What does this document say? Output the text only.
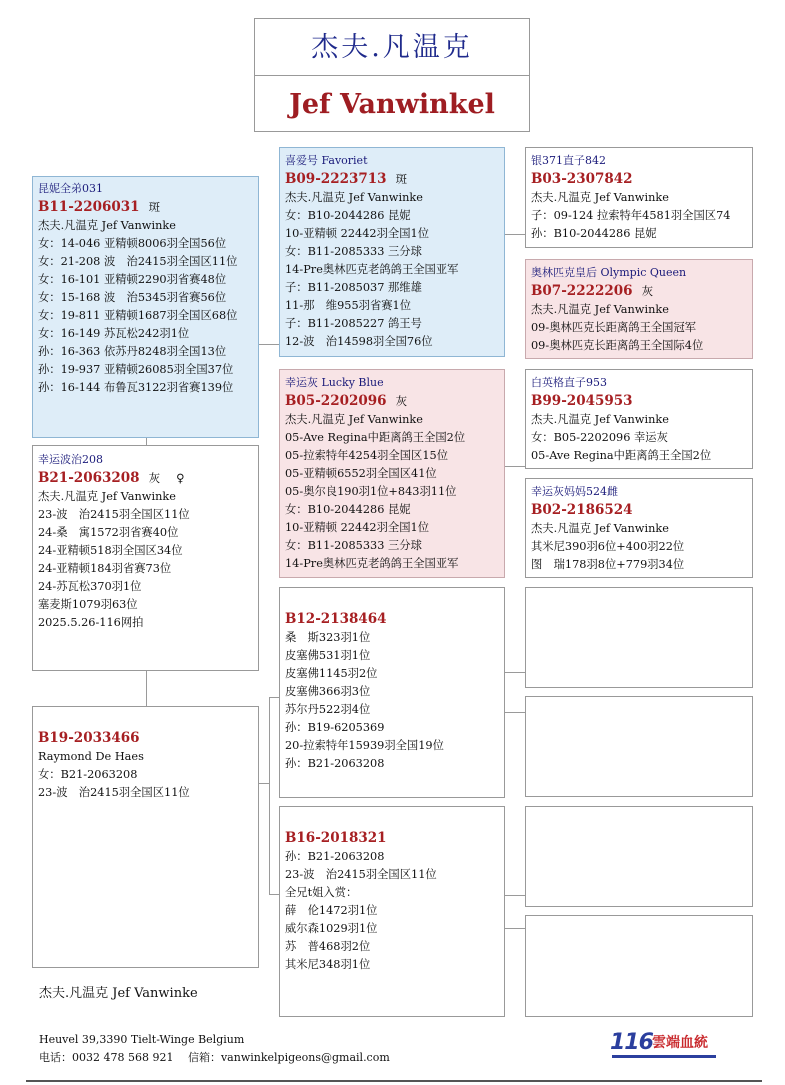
杰夫.凡温克
Jef Vanwinkel
昆妮全弟031
B11-2206031 斑
杰夫.凡温克 Jef Vanwinke
女：14-046 亚精顿8006羽全国56位
女：21-208 波　治2415羽全国区11位
女：16-101 亚精顿2290羽省赛48位
女：15-168 波　治5345羽省赛56位
女：19-811 亚精顿1687羽全国区68位
女：16-149 苏瓦松242羽1位
孙：16-363 依苏丹8248羽全国13位
孙：19-937 亚精顿26085羽全国37位
孙：16-144 布鲁瓦3122羽省赛139位
幸运波治208
B21-2063208 灰 ♀
杰夫.凡温克 Jef Vanwinke
23-波　治2415羽全国区11位
24-桑　寓1572羽省赛40位
24-亚精顿518羽全国区34位
24-亚精顿184羽省赛73位
24-苏瓦松370羽1位
塞麦斯1079羽63位
2025.5.26-116网拍
B19-2033466
Raymond De Haes
女：B21-2063208
23-波　治2415羽全国区11位
喜爱号 Favoriet
B09-2223713 斑
杰夫.凡温克 Jef Vanwinke
女：B10-2044286 昆妮
10-亚精顿 22442羽全国1位
女：B11-2085333 三分球
14-Pre奥林匹克老鸽鸽王全国亚军
子：B11-2085037 那维雄
11-那　维955羽省赛1位
子：B11-2085227 鸽王号
12-波　治14598羽全国76位
幸运灰 Lucky Blue
B05-2202096 灰
杰夫.凡温克 Jef Vanwinke
05-Ave Regina中距离鸽王全国2位
05-拉索特年4254羽全国区15位
05-亚精顿6552羽全国区41位
05-奥尔良190羽1位+843羽11位
女：B10-2044286 昆妮
10-亚精顿 22442羽全国1位
女：B11-2085333 三分球
14-Pre奥林匹克老鸽鸽王全国亚军
B12-2138464
桑　斯323羽1位
皮塞佛531羽1位
皮塞佛1145羽2位
皮塞佛366羽3位
苏尔丹522羽4位
孙：B19-6205369
20-拉索特年15939羽全国19位
孙：B21-2063208
B16-2018321
孙：B21-2063208
23-波　治2415羽全国区11位
全兄t姐入赏：
薛　伦1472羽1位
威尔森1029羽1位
苏　普468羽2位
其米尼348羽1位
银371直子842
B03-2307842
杰夫.凡温克 Jef Vanwinke
子：09-124 拉索特年4581羽全国区74
孙：B10-2044286 昆妮
奥林匹克皇后 Olympic Queen
B07-2222206 灰
杰夫.凡温克 Jef Vanwinke
09-奥林匹克长距离鸽王全国冠军
09-奥林匹克长距离鸽王全国际4位
白英格直子953
B99-2045953
杰夫.凡温克 Jef Vanwinke
女：B05-2202096 幸运灰
05-Ave Regina中距离鸽王全国2位
幸运灰妈妈524雌
B02-2186524
杰夫.凡温克 Jef Vanwinke
其米尼390羽6位+400羽22位
图　瑞178羽8位+779羽34位
杰夫.凡温克 Jef Vanwinke
Heuvel 39,3390 Tielt-Winge Belgium
电话：0032 478 568 921　 信箱：vanwinkelpigeons@gmail.com
116 雲端血統
